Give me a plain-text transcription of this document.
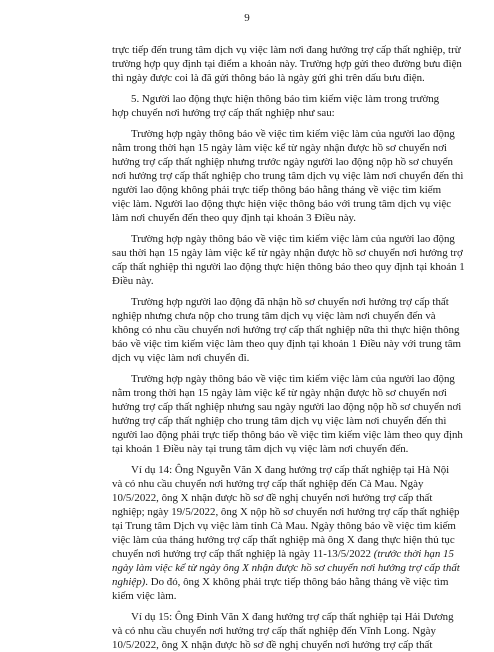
9
trực tiếp đến trung tâm dịch vụ việc làm nơi đang hưởng trợ cấp thất nghiệp, trừ
trường hợp quy định tại điểm a khoản này. Trường hợp gửi theo đường bưu điện
thì ngày được coi là đã gửi thông báo là ngày gửi ghi trên dấu bưu điện.
5. Người lao động thực hiện thông báo tìm kiếm việc làm trong trường
hợp chuyển nơi hưởng trợ cấp thất nghiệp như sau:
Trường hợp ngày thông báo về việc tìm kiếm việc làm của người lao động
nằm trong thời hạn 15 ngày làm việc kể từ ngày nhận được hồ sơ chuyển nơi
hưởng trợ cấp thất nghiệp nhưng trước ngày người lao động nộp hồ sơ chuyển
nơi hưởng trợ cấp thất nghiệp cho trung tâm dịch vụ việc làm nơi chuyển đến thì
người lao động không phải trực tiếp thông báo hằng tháng về việc tìm kiếm
việc làm. Người lao động thực hiện việc thông báo với trung tâm dịch vụ việc
làm nơi chuyển đến theo quy định tại khoản 3 Điều này.
Trường hợp ngày thông báo về việc tìm kiếm việc làm của người lao động
sau thời hạn 15 ngày làm việc kể từ ngày nhận được hồ sơ chuyển nơi hưởng trợ
cấp thất nghiệp thì người lao động thực hiện thông báo theo quy định tại khoản 1
Điều này.
Trường hợp người lao động đã nhận hồ sơ chuyển nơi hưởng trợ cấp thất
nghiệp nhưng chưa nộp cho trung tâm dịch vụ việc làm nơi chuyển đến và
không có nhu cầu chuyển nơi hưởng trợ cấp thất nghiệp nữa thì thực hiện thông
báo về việc tìm kiếm việc làm theo quy định tại khoản 1 Điều này với trung tâm
dịch vụ việc làm nơi chuyển đi.
Trường hợp ngày thông báo về việc tìm kiếm việc làm của người lao động
nằm trong thời hạn 15 ngày làm việc kể từ ngày nhận được hồ sơ chuyển nơi
hưởng trợ cấp thất nghiệp nhưng sau ngày người lao động nộp hồ sơ chuyển nơi
hưởng trợ cấp thất nghiệp cho trung tâm dịch vụ việc làm nơi chuyển đến thì
người lao động phải trực tiếp thông báo về việc tìm kiếm việc làm theo quy định
tại khoản 1 Điều này tại trung tâm dịch vụ việc làm nơi chuyển đến.
Ví dụ 14: Ông Nguyễn Văn X đang hưởng trợ cấp thất nghiệp tại Hà Nội
và có nhu cầu chuyển nơi hưởng trợ cấp thất nghiệp đến Cà Mau. Ngày
10/5/2022, ông X nhận được hồ sơ đề nghị chuyển nơi hưởng trợ cấp thất
nghiệp; ngày 19/5/2022, ông X nộp hồ sơ chuyển nơi hưởng trợ cấp thất nghiệp
tại Trung tâm Dịch vụ việc làm tỉnh Cà Mau. Ngày thông báo về việc tìm kiếm
việc làm của tháng hưởng trợ cấp thất nghiệp mà ông X đang thực hiện thủ tục
chuyển nơi hưởng trợ cấp thất nghiệp là ngày 11-13/5/2022 (trước thời hạn 15
ngày làm việc kể từ ngày ông X nhận được hồ sơ chuyển nơi hưởng trợ cấp thất
nghiệp). Do đó, ông X không phải trực tiếp thông báo hằng tháng về việc tìm
kiếm việc làm.
Ví dụ 15: Ông Đinh Văn X đang hưởng trợ cấp thất nghiệp tại Hải Dương
và có nhu cầu chuyển nơi hưởng trợ cấp thất nghiệp đến Vĩnh Long. Ngày
10/5/2022, ông X nhận được hồ sơ đề nghị chuyển nơi hưởng trợ cấp thất
